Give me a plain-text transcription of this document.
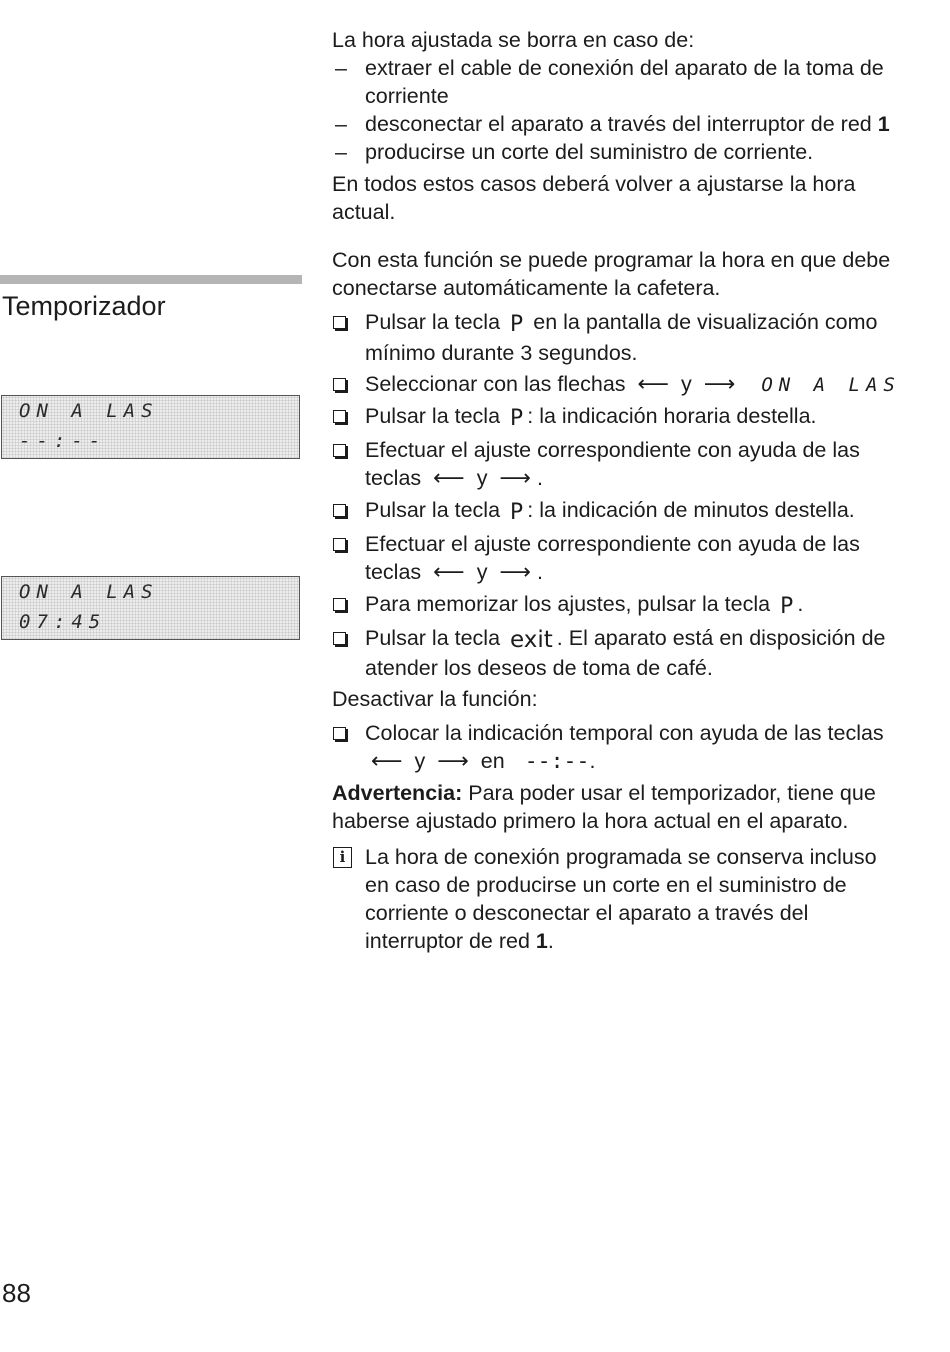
Temporizador
ON A LAS
--:--
ON A LAS
07:45
88

La hora ajustada se borra en caso de:

– extraer el cable de conexión del aparato de la toma de corriente
– desconectar el aparato a través del interruptor de red 1
– producirse un corte del suministro de corriente.

En todos estos casos deberá volver a ajustarse la hora actual.

Con esta función se puede programar la hora en que debe conectarse automáticamente la cafetera.

Pulsar la tecla P en la pantalla de visualización como mínimo durante 3 segundos.
Seleccionar con las flechas ⟵ y ⟶ ON A LAS
Pulsar la tecla P : la indicación horaria destella.
Efectuar el ajuste correspondiente con ayuda de las teclas ⟵ y ⟶ .
Pulsar la tecla P : la indicación de minutos destella.
Efectuar el ajuste correspondiente con ayuda de las teclas ⟵ y ⟶ .
Para memorizar los ajustes, pulsar la tecla P .
Pulsar la tecla exit . El aparato está en disposición de atender los deseos de toma de café.

Desactivar la función:

Colocar la indicación temporal con ayuda de las teclas ⟵ y ⟶ en --:--.

Advertencia: Para poder usar el temporizador, tiene que haberse ajustado primero la hora actual en el aparato.

i La hora de conexión programada se conserva incluso en caso de producirse un corte en el suministro de corriente o desconectar el aparato a través del interruptor de red 1.
